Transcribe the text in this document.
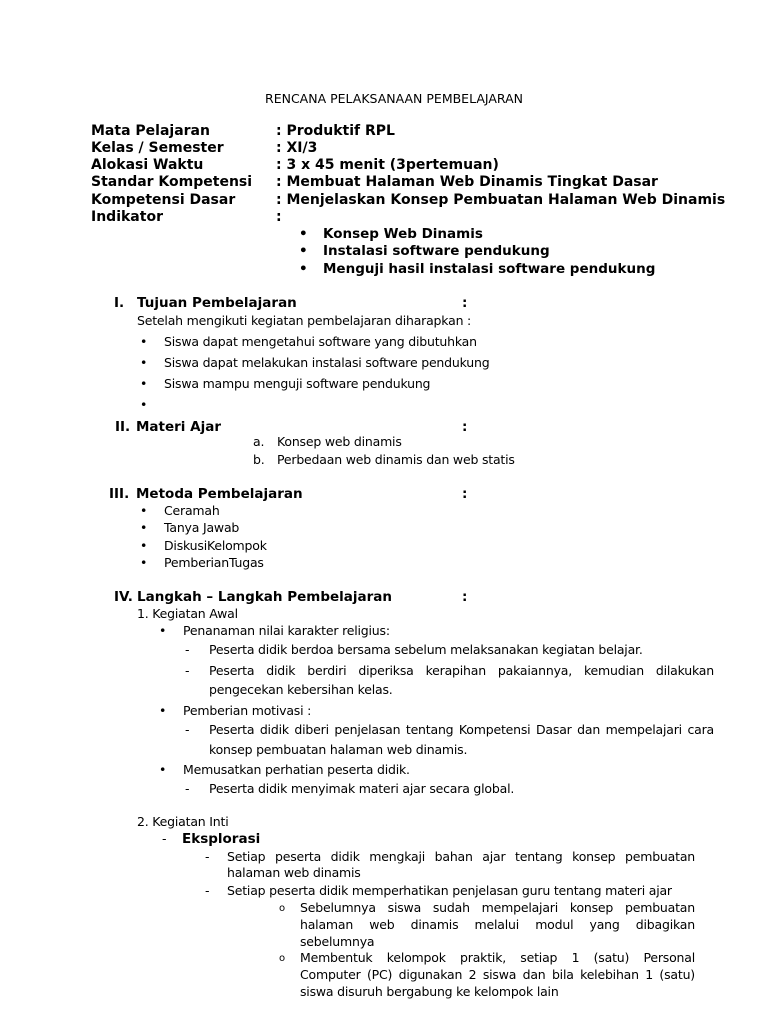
RENCANA PELAKSANAAN PEMBELAJARAN
Mata Pelajaran	: Produktif RPL
Kelas / Semester	: XI/3
Alokasi Waktu	: 3 x 45 menit (3pertemuan)
Standar Kompetensi : Membuat Halaman Web Dinamis Tingkat Dasar
Kompetensi Dasar	: Menjelaskan Konsep Pembuatan Halaman Web Dinamis
Indikator	:
• Konsep Web Dinamis
• Instalasi software pendukung
• Menguji hasil instalasi software pendukung
I. Tujuan Pembelajaran	:
Setelah mengikuti kegiatan pembelajaran diharapkan :
• Siswa dapat mengetahui software yang dibutuhkan
• Siswa dapat melakukan instalasi software pendukung
• Siswa mampu menguji software pendukung
II. Materi Ajar	:
a. Konsep web dinamis
b. Perbedaan web dinamis dan web statis
III. Metoda Pembelajaran	:
• Ceramah
• Tanya Jawab
• DiskusiKelompok
• PemberianTugas
IV. Langkah – Langkah Pembelajaran	:
1. Kegiatan Awal
• Penanaman nilai karakter religius:
- Peserta didik berdoa bersama sebelum melaksanakan kegiatan belajar.
- Peserta didik berdiri diperiksa kerapihan pakaiannya, kemudian dilakukan
pengecekan kebersihan kelas.
• Pemberian motivasi :
- Peserta didik diberi penjelasan tentang Kompetensi Dasar dan mempelajari cara
konsep pembuatan halaman web dinamis.
• Memusatkan perhatian peserta didik.
- Peserta didik menyimak materi ajar secara global.
2. Kegiatan Inti
- Eksplorasi
- Setiap peserta didik mengkaji bahan ajar tentang konsep pembuatan
halaman web dinamis
- Setiap peserta didik memperhatikan penjelasan guru tentang materi ajar
o Sebelumnya siswa sudah mempelajari konsep pembuatan
halaman web dinamis melalui modul yang dibagikan
sebelumnya
o Membentuk kelompok praktik, setiap 1 (satu) Personal
Computer (PC) digunakan 2 siswa dan bila kelebihan 1 (satu)
siswa disuruh bergabung ke kelompok lain
